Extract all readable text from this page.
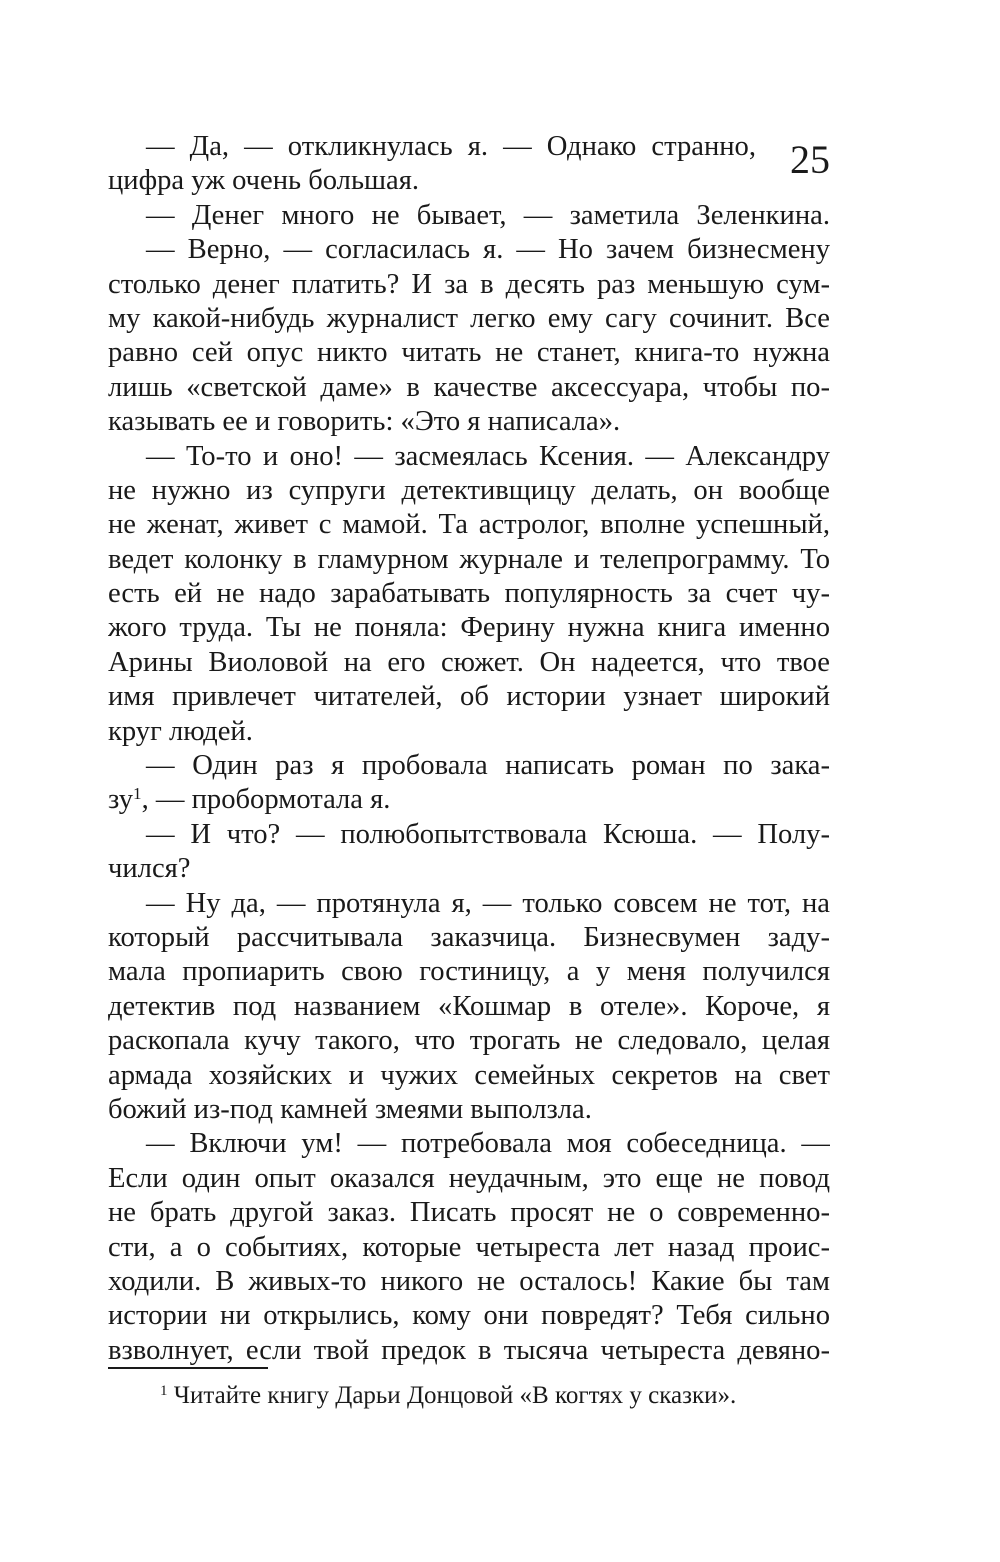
25
— Да, — откликнулась я. — Однако странно,
цифра уж очень большая.
— Денег много не бывает, — заметила Зеленкина.
— Верно, — согласилась я. — Но зачем бизнесмену
столько денег платить? И за в десять раз меньшую сум-
му какой-нибудь журналист легко ему сагу сочинит. Все
равно сей опус никто читать не станет, книга-то нужна
лишь «светской даме» в качестве аксессуара, чтобы по-
казывать ее и говорить: «Это я написала».
— То-то и оно! — засмеялась Ксения. — Александру
не нужно из супруги детективщицу делать, он вообще
не женат, живет с мамой. Та астролог, вполне успешный,
ведет колонку в гламурном журнале и телепрограмму. То
есть ей не надо зарабатывать популярность за счет чу-
жого труда. Ты не поняла: Ферину нужна книга именно
Арины Виоловой на его сюжет. Он надеется, что твое
имя привлечет читателей, об истории узнает широкий
круг людей.
— Один раз я пробовала написать роман по зака-
$зу^1$, — пробормотала я.
— И что? — полюбопытствовала Ксюша. — Полу-
чился?
— Ну да, — протянула я, — только совсем не тот, на
который рассчитывала заказчица. Бизнесвумен заду-
мала пропиарить свою гостиницу, а у меня получился
детектив под названием «Кошмар в отеле». Короче, я
раскопала кучу такого, что трогать не следовало, целая
армада хозяйских и чужих семейных секретов на свет
божий из-под камней змеями выползла.
— Включи ум! — потребовала моя собеседница. —
Если один опыт оказался неудачным, это еще не повод
не брать другой заказ. Писать просят не о современно-
сти, а о событиях, которые четыреста лет назад проис-
ходили. В живых-то никого не осталось! Какие бы там
истории ни открылись, кому они повредят? Тебя сильно
взволнует, если твой предок в тысяча четыреста девяно-
$^1$ Читайте книгу Дарьи Донцовой «В когтях у сказки».
